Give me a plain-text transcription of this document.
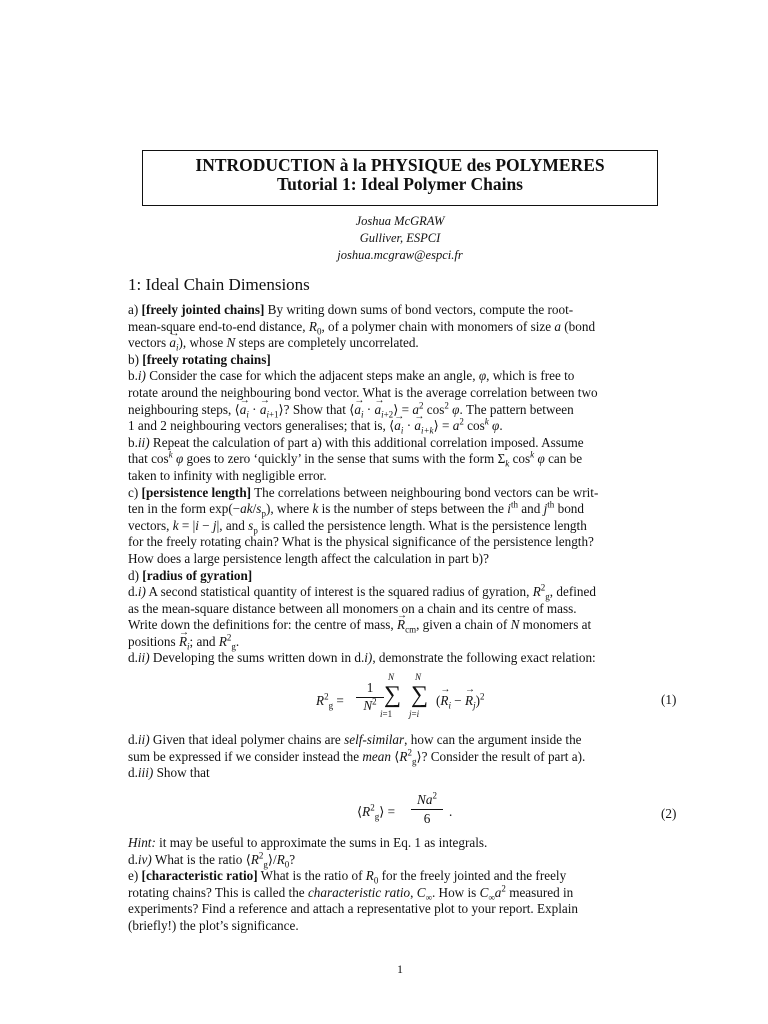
INTRODUCTION à la PHYSIQUE des POLYMERES
Tutorial 1: Ideal Polymer Chains
Joshua McGRAW
Gulliver, ESPCI
joshua.mcgraw@espci.fr
1: Ideal Chain Dimensions
a) [freely jointed chains] By writing down sums of bond vectors, compute the root-
mean-square end-to-end distance, $R_0$, of a polymer chain with monomers of size a (bond
vectors → $a_i$), whose N steps are completely uncorrelated.
b) [freely rotating chains]
b.i) Consider the case for which the adjacent steps make an angle, φ, which is free to
rotate around the neighbouring bond vector. What is the average correlation between two
neighbouring steps, ⟨→ $a_i$ · → $a_{i+1}⟩$? Show that ⟨→ $a_i$ · → $a_{i+2}⟩ = a^2$ $\cos^2 \varphi$. The pattern between
1 and 2 neighbouring vectors generalises; that is, ⟨→ $a_i$ · → $a_{i+k}⟩ = a^2$ $\cos^k \varphi$.
b.ii) Repeat the calculation of part a) with this additional correlation imposed. Assume
that $\cos^k \varphi$ goes to zero ‘quickly’ in the sense that sums with the form $\Sigma_k$ $\cos^k \varphi$ can be
taken to infinity with negligible error.
c) [persistence length] The correlations between neighbouring bond vectors can be writ-
ten in the form $\exp(-ak/s_p)$, where k is the number of steps between the $i^{th}$ and $j^{th}$ bond
vectors, k = |i − j|, and $s_p$ is called the persistence length. What is the persistence length
for the freely rotating chain? What is the physical significance of the persistence length?
How does a large persistence length affect the calculation in part b)?
d) [radius of gyration]
d.i) A second statistical quantity of interest is the squared radius of gyration, $R^2_g$, defined
as the mean-square distance between all monomers on a chain and its centre of mass.
Write down the definitions for: the centre of mass, → $R_{cm}$, given a chain of N monomers at
positions → $R_i$; and $R^2_g$.
d.ii) Developing the sums written down in d.i), demonstrate the following exact relation:
$R^2_g$ =
1
$N^2$
N
∑
i=1
N
∑
j=i
(→ $R_i$ − → $R_j)^2$	(1)
d.ii) Given that ideal polymer chains are self-similar, how can the argument inside the
sum be expressed if we consider instead the mean $⟨R^2_g⟩$? Consider the result of part a).
d.iii) Show that
$⟨R^2_g⟩$ =
$Na^2$
6	.	(2)
Hint: it may be useful to approximate the sums in Eq. 1 as integrals.
d.iv) What is the ratio $⟨R^2_g⟩/R_0$?
e) [characteristic ratio] What is the ratio of $R_0$ for the freely jointed and the freely
rotating chains? This is called the characteristic ratio, $C_\infty$. How is $C_\infty a^2$ measured in
experiments? Find a reference and attach a representative plot to your report. Explain
(briefly!) the plot’s significance.
1
